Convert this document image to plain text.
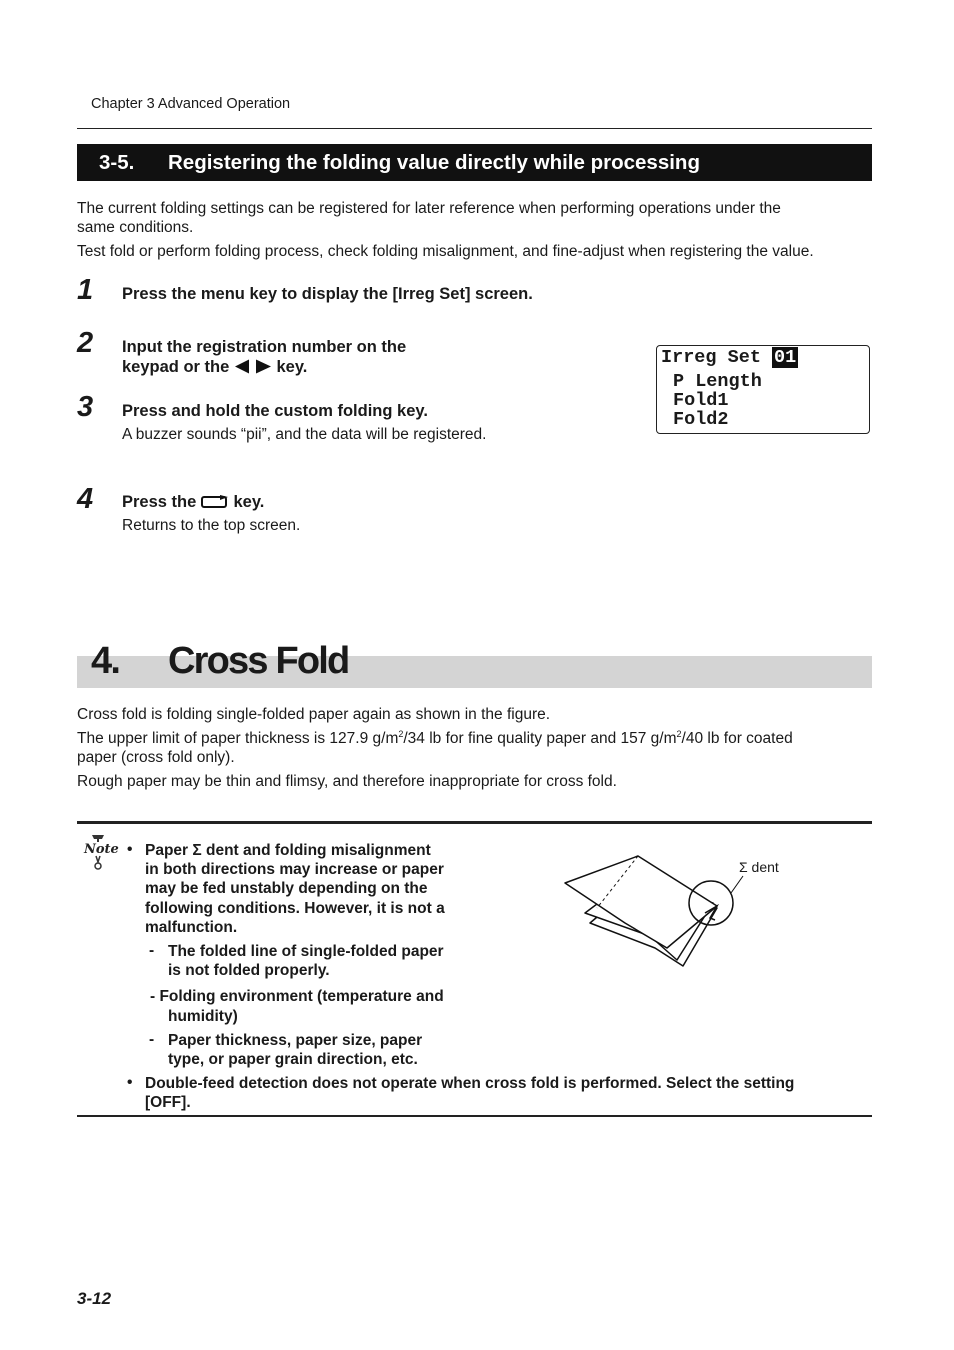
Chapter 3 Advanced Operation
3-5. Registering the folding value directly while processing
The current folding settings can be registered for later reference when performing operations under the
same conditions.
Test fold or perform folding process, check folding misalignment, and fine-adjust when registering the value.
1 Press the menu key to display the [Irreg Set] screen.
2 Input the registration number on the
keypad or the	key.
3 Press and hold the custom folding key.
A buzzer sounds “pii”, and the data will be registered.
Irreg Set 01
P Length
Fold1
Fold2
4 Press the key.
Returns to the top screen.
4. Cross Fold
Cross fold is folding single-folded paper again as shown in the figure.
The upper limit of paper thickness is 127.9 $g/m^2/34$ lb for fine quality paper and 157 $g/m^2/40$ lb for coated
paper (cross fold only).
Rough paper may be thin and flimsy, and therefore inappropriate for cross fold.
Note • Paper Σ dent and folding misalignment
in both directions may increase or paper
may be fed unstably depending on the
following conditions. However, it is not a
malfunction.
- The folded line of single-folded paper
is not folded properly.
- Folding environment (temperature and
humidity)
- Paper thickness, paper size, paper
type, or paper grain direction, etc.
• Double-feed detection does not operate when cross fold is performed. Select the setting
[OFF].
Σ dent
3-12
